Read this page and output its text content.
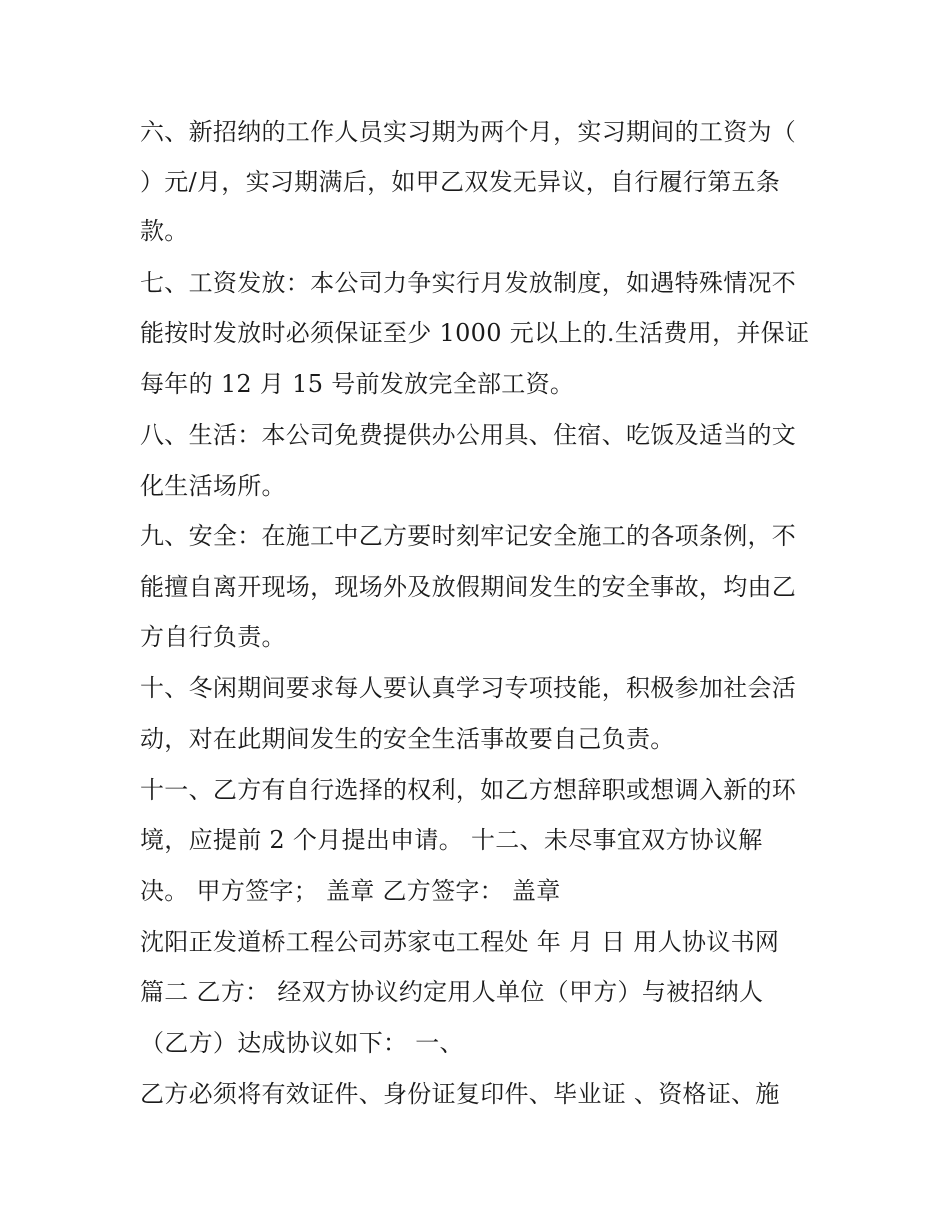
六、新招纳的工作人员实习期为两个月，实习期间的工资为（
）元/月，实习期满后，如甲乙双发无异议，自行履行第五条
款。
七、工资发放：本公司力争实行月发放制度，如遇特殊情况不
能按时发放时必须保证至少 1000 元以上的.生活费用，并保证
每年的 12 月 15 号前发放完全部工资。
八、生活：本公司免费提供办公用具、住宿、吃饭及适当的文
化生活场所。
九、安全：在施工中乙方要时刻牢记安全施工的各项条例，不
能擅自离开现场，现场外及放假期间发生的安全事故，均由乙
方自行负责。
十、冬闲期间要求每人要认真学习专项技能，积极参加社会活
动，对在此期间发生的安全生活事故要自己负责。
十一、乙方有自行选择的权利，如乙方想辞职或想调入新的环
境，应提前 2 个月提出申请。 十二、未尽事宜双方协议解
决。 甲方签字； 盖章 乙方签字： 盖章
沈阳正发道桥工程公司苏家屯工程处 年 月 日 用人协议书网
篇二 乙方： 经双方协议约定用人单位（甲方）与被招纳人
（乙方）达成协议如下： 一、
乙方必须将有效证件、身份证复印件、毕业证 、资格证、施
